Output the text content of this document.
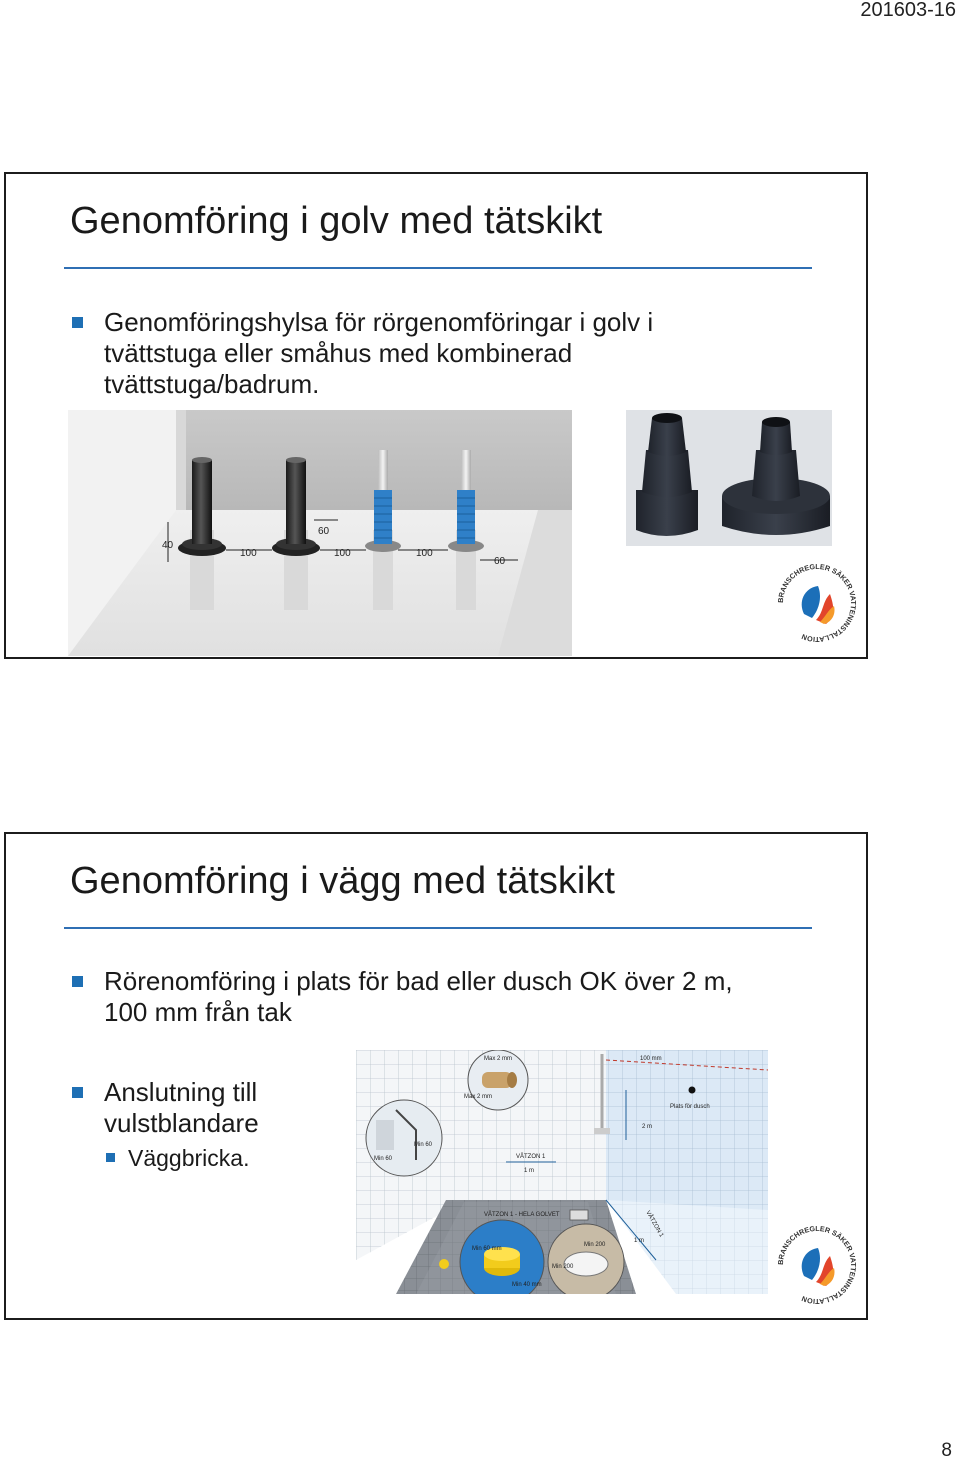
201603-16
Genomföring i golv med tätskikt
Genomföringshylsa för rörgenomföringar i golv i
tvättstuga eller småhus med kombinerad
tvättstuga/badrum.
40
60
100	100	100
60
BRANSCHREGLER SÄKER VATTENINSTALLATION
Genomföring i vägg med tätskikt
Rörenomföring i plats för bad eller dusch OK över 2 m,
100 mm från tak
Anslutning till
vulstblandare
Väggbricka.
Max 2 mm
Max 2 mm
100 mm
Plats för dusch
2 m
VÅTZON 1
1 m
VÅTZON 1 - HELA GOLVET	VÅTZON 1
1 m
Min 60
Min 60
Min 60 mm
Min 40 mm
Min 200
Min 200
BRANSCHREGLER SÄKER VATTENINSTALLATION
8
